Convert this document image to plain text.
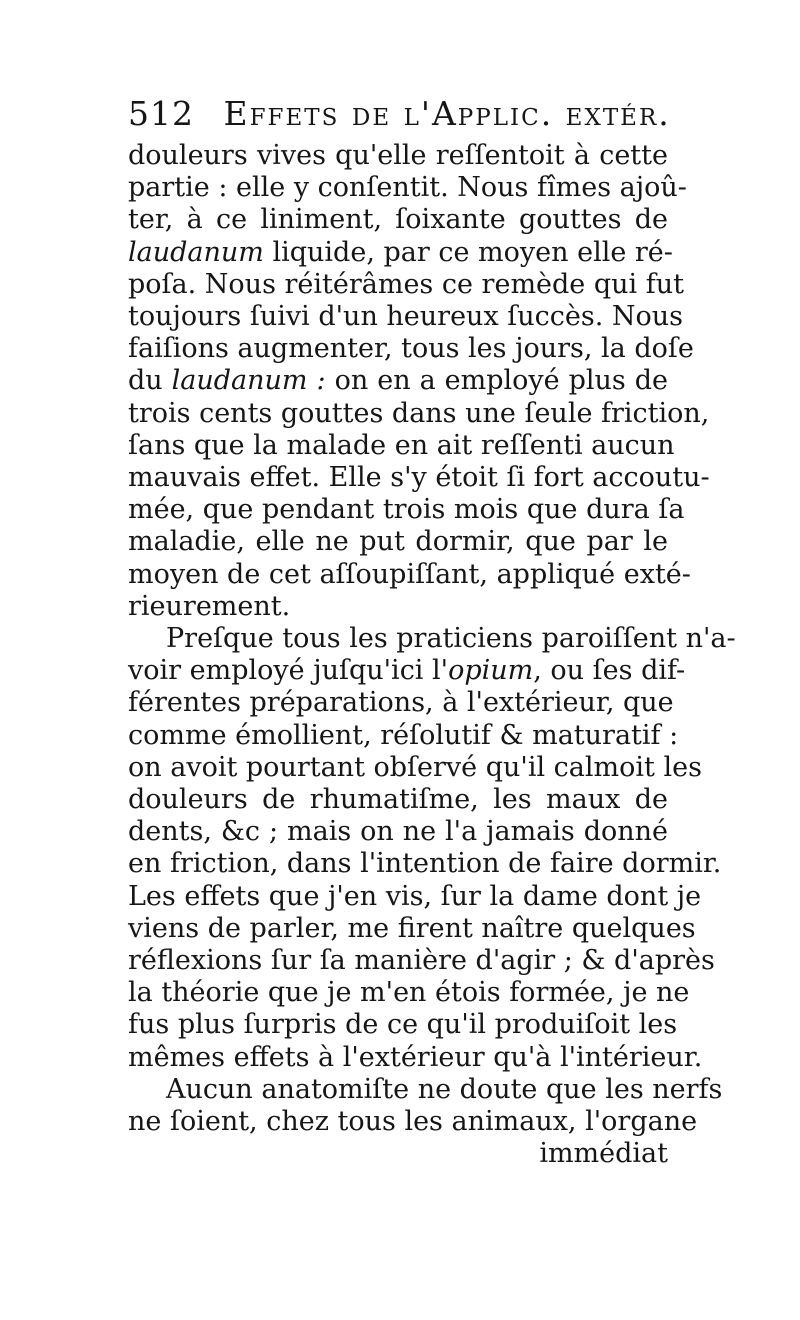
512 Effets de l'Applic. extér.
douleurs vives qu'elle reſſentoit à cette
partie : elle y conſentit. Nous fîmes ajoû-
ter, à ce liniment, ſoixante gouttes de
laudanum liquide, par ce moyen elle ré-
poſa. Nous réitérâmes ce remède qui fut
toujours ſuivi d'un heureux ſuccès. Nous
faiſions augmenter, tous les jours, la doſe
du laudanum : on en a employé plus de
trois cents gouttes dans une ſeule friction,
ſans que la malade en ait reſſenti aucun
mauvais effet. Elle s'y étoit ſi fort accoutu-
mée, que pendant trois mois que dura ſa
maladie, elle ne put dormir, que par le
moyen de cet aſſoupiſſant, appliqué exté-
rieurement.
Preſque tous les praticiens paroiſſent n'a-
voir employé juſqu'ici l'opium, ou ſes dif-
férentes préparations, à l'extérieur, que
comme émollient, réſolutif & maturatif :
on avoit pourtant obſervé qu'il calmoit les
douleurs de rhumatiſme, les maux de
dents, &c ; mais on ne l'a jamais donné
en friction, dans l'intention de faire dormir.
Les effets que j'en vis, ſur la dame dont je
viens de parler, me firent naître quelques
réflexions ſur ſa manière d'agir ; & d'après
la théorie que je m'en étois formée, je ne
fus plus ſurpris de ce qu'il produiſoit les
mêmes effets à l'extérieur qu'à l'intérieur.
Aucun anatomiſte ne doute que les nerfs
ne ſoient, chez tous les animaux, l'organe
immédiat
